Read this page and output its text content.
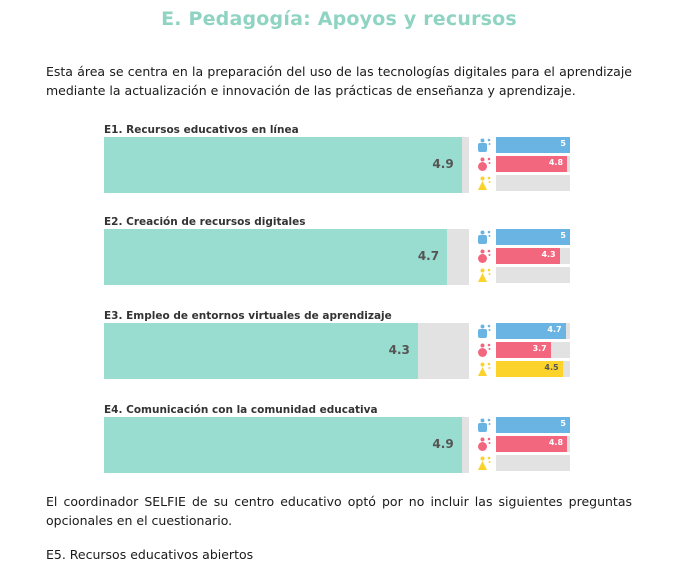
E. Pedagogía: Apoyos y recursos
Esta área se centra en la preparación del uso de las tecnologías digitales para el aprendizaje mediante la actualización e innovación de las prácticas de enseñanza y aprendizaje.
E1. Recursos educativos en línea
4.9
5
4.8
E2. Creación de recursos digitales
4.7
5
4.3
E3. Empleo de entornos virtuales de aprendizaje
4.3
4.7
3.7
4.5
E4. Comunicación con la comunidad educativa
4.9
5
4.8
El coordinador SELFIE de su centro educativo optó por no incluir las siguientes preguntas opcionales en el cuestionario.
E5. Recursos educativos abiertos
